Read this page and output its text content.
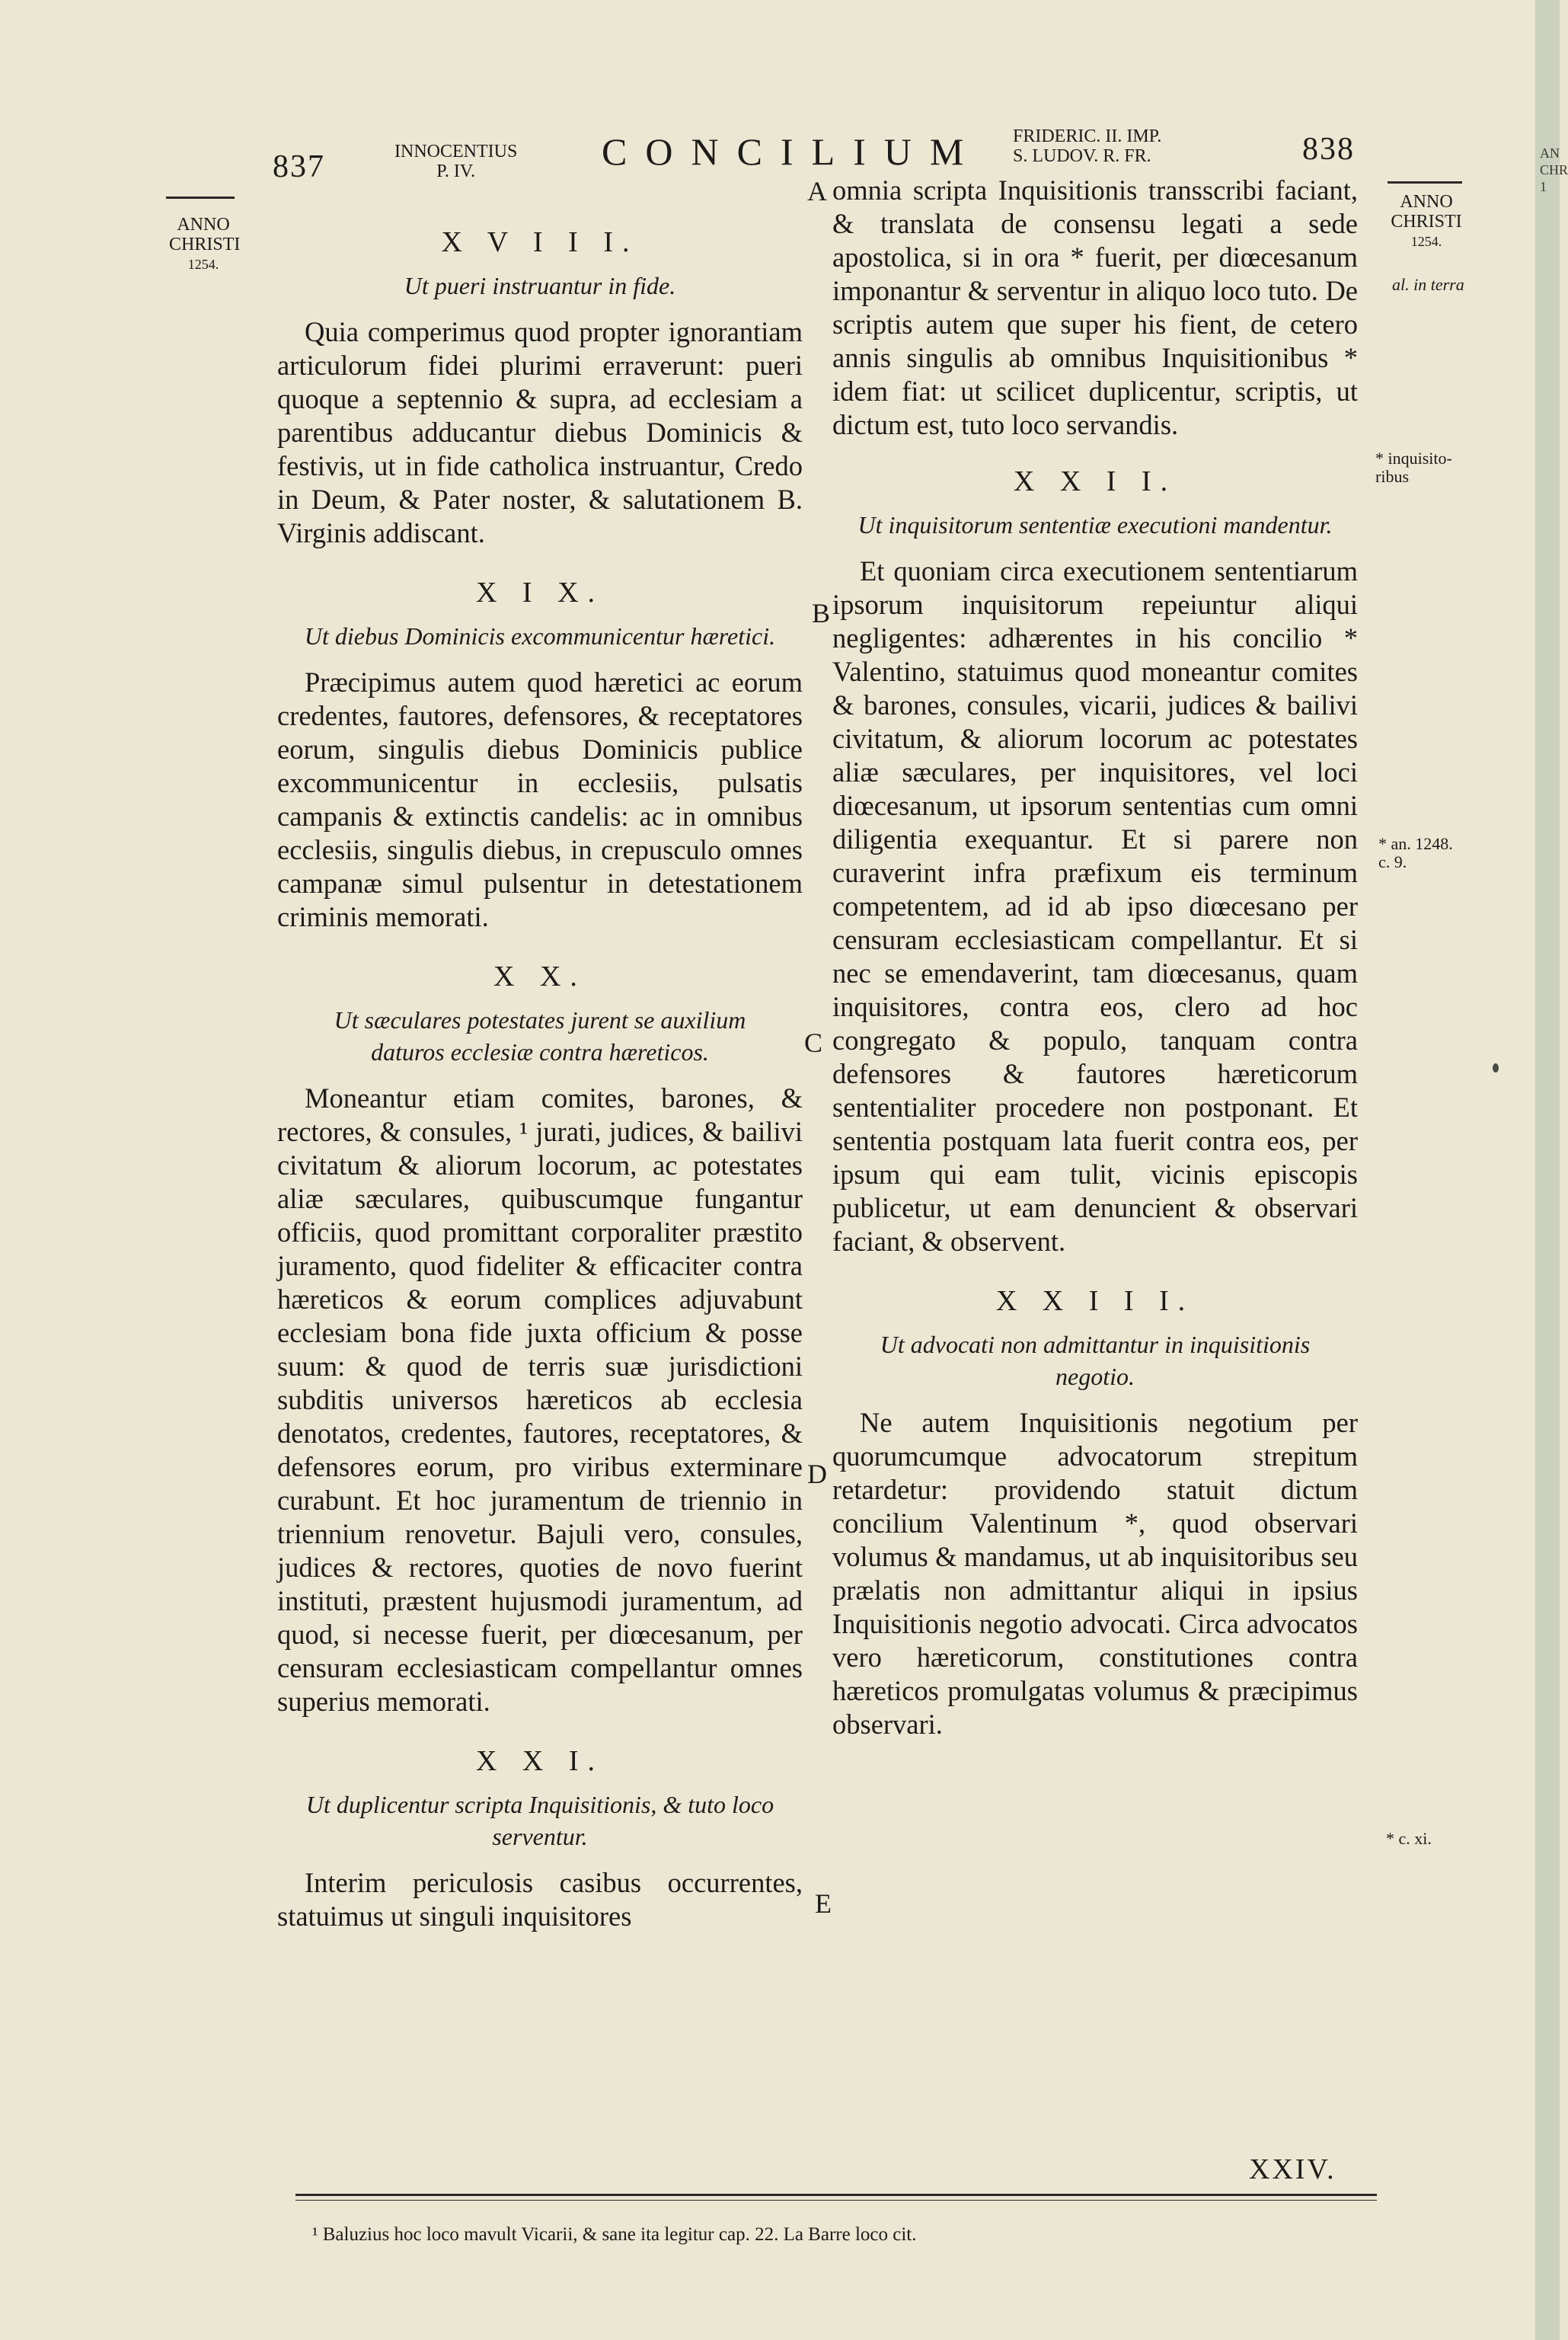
AN
CHR
1
837	INNOCENTIUS
P. IV.	CONCILIUM FRIDERIC. II. IMP.
S. LUDOV. R. FR.	838
ANNO
CHRISTI
1254.
ANNO
CHRISTI
1254.
al. in terra
* inquisito-
ribus
* an. 1248.
c. 9.
* c. xi.
A
B
C
D
E
X V I I I.
Ut pueri instruantur in fide.

Quia comperimus quod propter ignorantiam articulorum fidei plurimi erraverunt: pueri quoque a septennio & supra, ad ecclesiam a parentibus adducantur diebus Dominicis & festivis, ut in fide catholica instruantur, Credo in Deum, & Pater noster, & salutationem B. Virginis addiscant.

X I X.
Ut diebus Dominicis excommunicentur hæretici.

Præcipimus autem quod hæretici ac eorum credentes, fautores, defensores, & receptatores eorum, singulis diebus Dominicis publice excommunicentur in ecclesiis, pulsatis campanis & extinctis candelis: ac in omnibus ecclesiis, singulis diebus, in crepusculo omnes campanæ simul pulsentur in detestationem criminis memorati.

X X.
Ut sæculares potestates jurent se auxilium daturos ecclesiæ contra hæreticos.

Moneantur etiam comites, barones, & rectores, & consules, ¹ jurati, judices, & bailivi civitatum & aliorum locorum, ac potestates aliæ sæculares, quibuscumque fungantur officiis, quod promittant corporaliter præstito juramento, quod fideliter & efficaciter contra hæreticos & eorum complices adjuvabunt ecclesiam bona fide juxta officium & posse suum: & quod de terris suæ jurisdictioni subditis universos hæreticos ab ecclesia denotatos, credentes, fautores, receptatores, & defensores eorum, pro viribus exterminare curabunt. Et hoc juramentum de triennio in triennium renovetur. Bajuli vero, consules, judices & rectores, quoties de novo fuerint instituti, præstent hujusmodi juramentum, ad quod, si necesse fuerit, per diœcesanum, per censuram ecclesiasticam compellantur omnes superius memorati.

X X I.
Ut duplicentur scripta Inquisitionis, & tuto loco serventur.

Interim periculosis casibus occurrentes, statuimus ut singuli inquisitores

omnia scripta Inquisitionis transscribi faciant, & translata de consensu legati a sede apostolica, si in ora * fuerit, per diœcesanum imponantur & serventur in aliquo loco tuto. De scriptis autem que super his fient, de cetero annis singulis ab omnibus Inquisitionibus * idem fiat: ut scilicet duplicentur, scriptis, ut dictum est, tuto loco servandis.

X X I I.
Ut inquisitorum sententiæ executioni mandentur.

Et quoniam circa executionem sententiarum ipsorum inquisitorum repeiuntur aliqui negligentes: adhærentes in his concilio * Valentino, statuimus quod moneantur comites & barones, consules, vicarii, judices & bailivi civitatum, & aliorum locorum ac potestates aliæ sæculares, per inquisitores, vel loci diœcesanum, ut ipsorum sententias cum omni diligentia exequantur. Et si parere non curaverint infra præfixum eis terminum competentem, ad id ab ipso diœcesano per censuram ecclesiasticam compellantur. Et si nec se emendaverint, tam diœcesanus, quam inquisitores, contra eos, clero ad hoc congregato & populo, tanquam contra defensores & fautores hæreticorum sententialiter procedere non postponant. Et sententia postquam lata fuerit contra eos, per ipsum qui eam tulit, vicinis episcopis publicetur, ut eam denuncient & observari faciant, & observent.

X X I I I.
Ut advocati non admittantur in inquisitionis negotio.

Ne autem Inquisitionis negotium per quorumcumque advocatorum strepitum retardetur: providendo statuit dictum concilium Valentinum *, quod observari volumus & mandamus, ut ab inquisitoribus seu prælatis non admittantur aliqui in ipsius Inquisitionis negotio advocati. Circa advocatos vero hæreticorum, constitutiones contra hæreticos promulgatas volumus & præcipimus observari.

XXIV.
¹ Baluzius hoc loco mavult Vicarii, & sane ita legitur cap. 22. La Barre loco cit.
